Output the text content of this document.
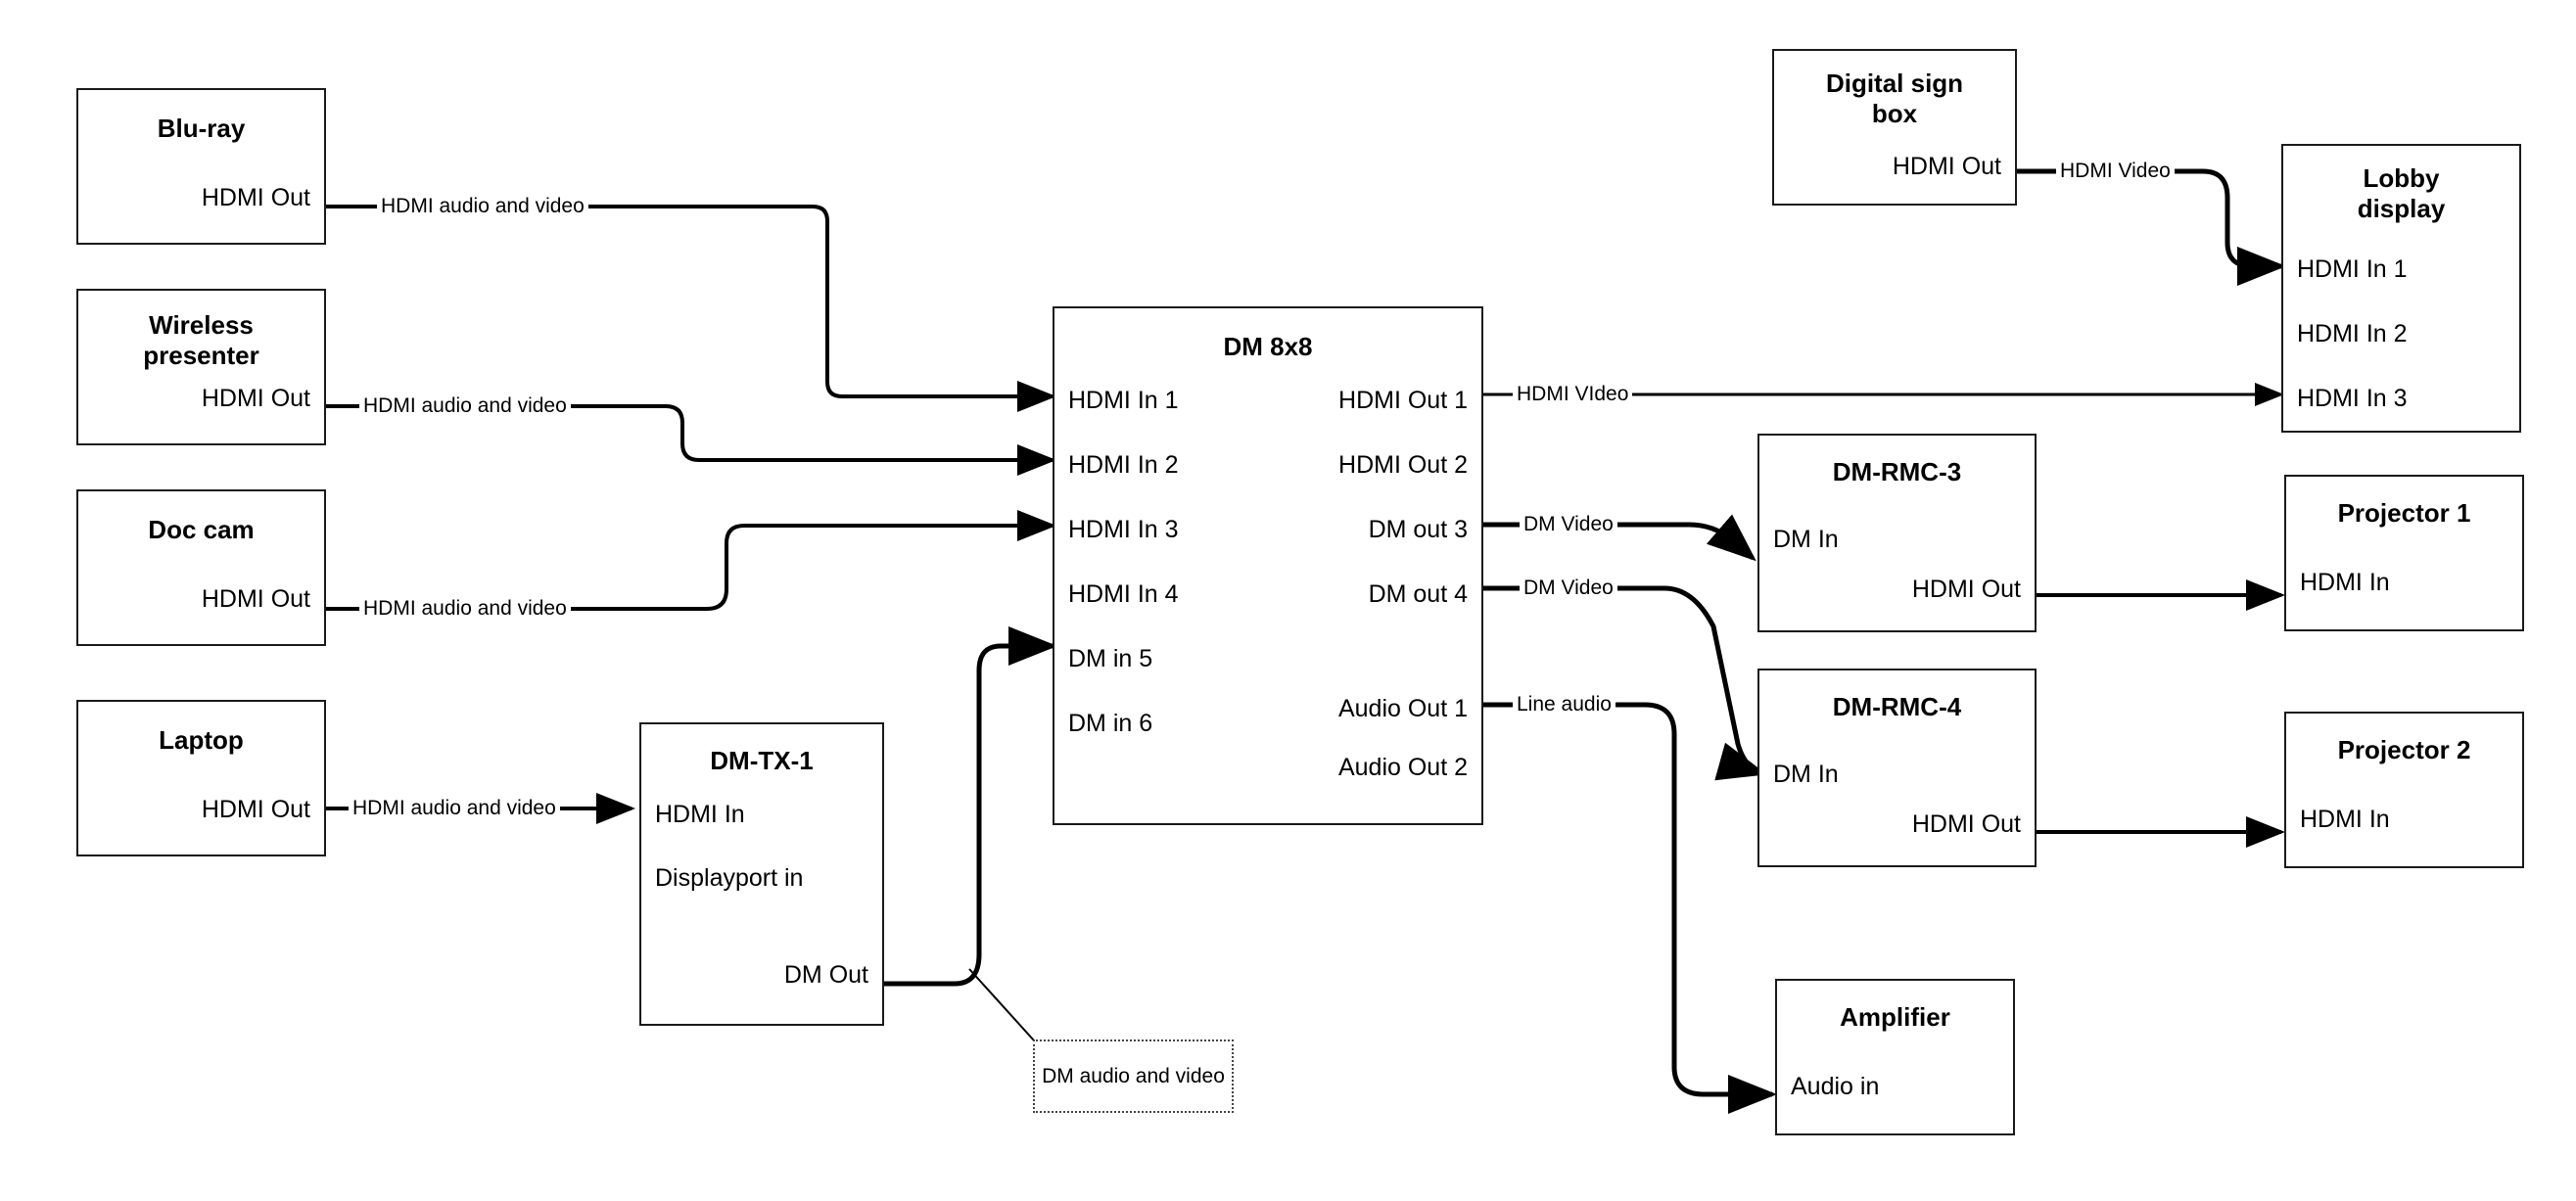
Blu-ray
HDMI Out
Wireless presenter
HDMI Out
Doc cam
HDMI Out
Laptop
HDMI Out
DM-TX-1
HDMI In
Displayport in
DM Out
DM 8x8
HDMI In 1
HDMI In 2
HDMI In 3
HDMI In 4
DM in 5
DM in 6
HDMI Out 1
HDMI Out 2
DM out 3
DM out 4
Audio Out 1
Audio Out 2
Digital sign box
HDMI Out	Lobby display
HDMI In 1
HDMI In 2
HDMI In 3
DM-RMC-3
DM In
HDMI Out
DM-RMC-4
DM In
HDMI Out
Projector 1
HDMI In
Projector 2
HDMI In
Amplifier
Audio in
HDMI audio and video
HDMI audio and video
HDMI audio and video
HDMI audio and video
HDMI Video
HDMI VIdeo
DM Video
DM Video
Line audio
DM audio and video
